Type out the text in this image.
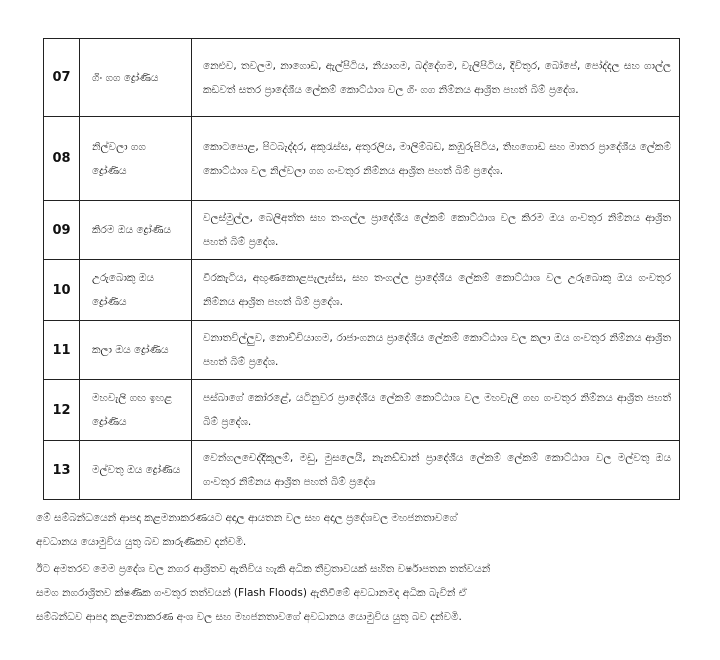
07	ගිං ගග ද්‍රෝණිය	නෙළුව, තවලම, නාගොඩ, ඇල්පිටිය, නියාගම, බද්දේගම, වැලිපිටිය, දිවිතුර, බෝපේ, පෝද්දල සහ ගාල්ල කඩවත් සතර ප්‍රාදේශීය ලේකම් කොට්ඨාශ වල ගිං ගග නිම්නය ආශ්‍රිත පහත් බිම් ප්‍රදේශ.
08	නිල්වලා ගග ද්‍රෝණිය	කොටපොළ, පිටබැද්දර, අකුරැස්ස, අතුරලිය, මාලිම්බඩ, කඹුරුපිටිය, තිහගොඩ සහ මාතර ප්‍රාදේශීය ලේකම් කොට්ඨාශ වල නිල්වලා ගග ගංවතුර නිම්නය ආශ්‍රිත පහත් බිම් ප්‍රදේශ.
09	කිරම ඔය ද්‍රෝණිය	වලස්මුල්ල, බෙලිඅත්ත සහ තංගල්ල ප්‍රාදේශීය ලේකම් කොට්ඨාශ වල කිරම ඔය ගංවතුර නිම්නය ආශ්‍රිත පහත් බිම් ප්‍රදේශ.
10	උරුබොකු ඔය ද්‍රෝණිය	වීරකැටිය, අඟුණකොළපැලැස්ස, සහ තංගල්ල ප්‍රාදේශීය ලේකම් කොට්ඨාශ වල උරුබොකු ඔය ගංවතුර නිම්නය ආශ්‍රිත පහත් බිම් ප්‍රදේශ.
11	කලා ඔය ද්‍රෝණිය	වනාතවිල්ලුව, නොච්චියාගම, රාජාංගනය ප්‍රාදේශීය ලේකම් කොට්ඨාශ වල කලා ඔය ගංවතුර නිම්නය ආශ්‍රිත පහත් බිම් ප්‍රදේශ.
12	මහවැලි ගඟ ඉහළ ද්‍රෝණිය	පස්බාගේ කෝරළේ, යටිනුවර ප්‍රාදේශීය ලේකම් කොට්ඨාශ වල මහවැලි ගඟ ගංවතුර නිම්නය ආශ්‍රිත පහත් බිම් ප්‍රදේශ.
13	මල්වතු ඔය ද්‍රෝණිය	වෙන්ගලචෙද්දිකුලම්, මඩු, මුසලෙයි, නැනඩ්ඩාන් ප්‍රාදේශීය ලේකම් ලේකම් කොට්ඨාශ වල මල්වතු ඔය ගංවතුර නිම්නය ආශ්‍රිත පහත් බිම් ප්‍රදේශ

මේ සම්බන්ධයෙන් ආපදා කළමනාකරණයට අදාල ආයතන වල සහ අදාල ප්‍රදේශවල මහජනතාවගේ
අවධානය යොමුවිය යුතු බව කාරුණිකව දන්වමි.

ඊට අමතරව මෙම ප්‍රදේශ වල නගර ආශ්‍රිතව ඇතිවිය හැකි අධික තීව්‍රතාවයක් සහිත වර්ෂාපතන තත්වයන්
සමග නගරාශ්‍රිතව ක්ෂණික ගංවතුර තත්වයන් (Flash Floods) ඇතිවීමේ අවධානමද අධික බැවින් ඒ
සම්බන්ධව ආපදා කළමනාකරණ අංශ වල සහ මහජනතාවගේ අවධානය යොමුවිය යුතු බව දන්වමි.
